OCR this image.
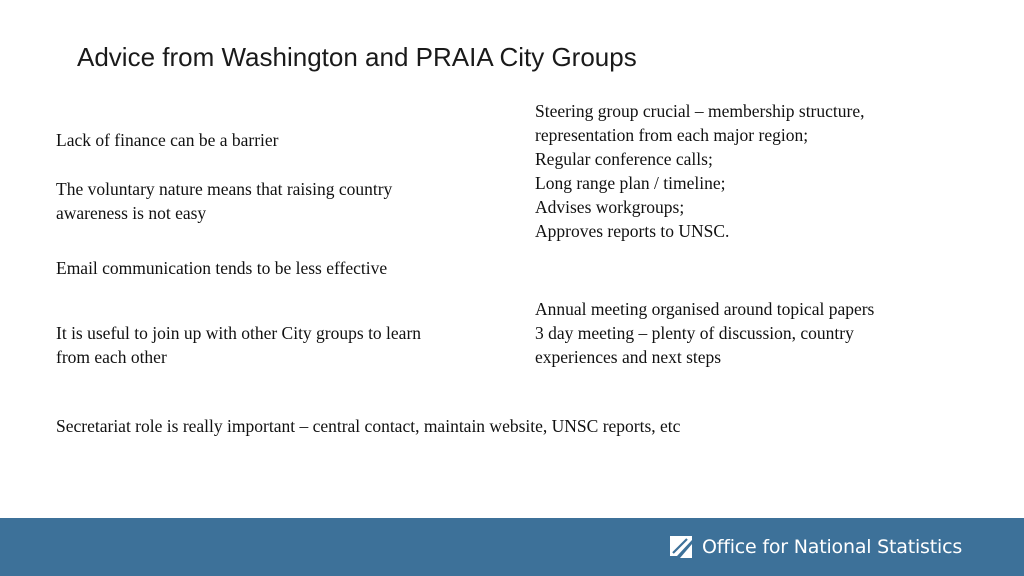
Advice from Washington and PRAIA City Groups
Lack of finance can be a barrier
The voluntary nature means that raising country
awareness is not easy
Email communication tends to be less effective
It is useful to join up with other City groups to learn
from each other
Steering group crucial – membership structure,
representation from each major region;
Regular conference calls;
Long range plan / timeline;
Advises workgroups;
Approves reports to UNSC.
Annual meeting organised around topical papers
3 day meeting – plenty of discussion, country
experiences and next steps
Secretariat role is really important – central contact, maintain website, UNSC reports, etc
Office for National Statistics
